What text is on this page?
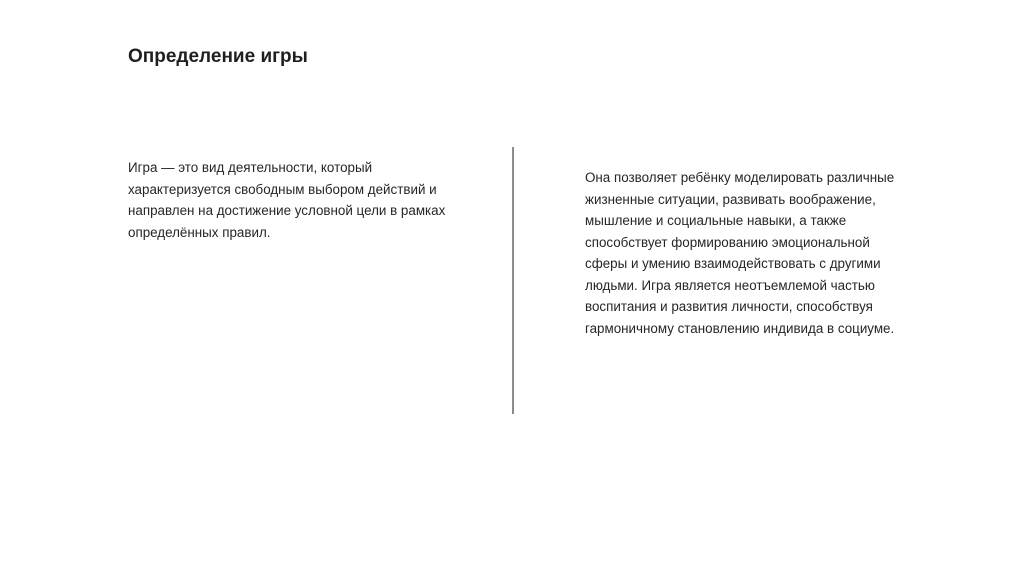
Определение игры

Игра — это вид деятельности, который характеризуется свободным выбором действий и направлен на достижение условной цели в рамках определённых правил.

Она позволяет ребёнку моделировать различные жизненные ситуации, развивать воображение, мышление и социальные навыки, а также способствует формированию эмоциональной сферы и умению взаимодействовать с другими людьми. Игра является неотъемлемой частью воспитания и развития личности, способствуя гармоничному становлению индивида в социуме.
